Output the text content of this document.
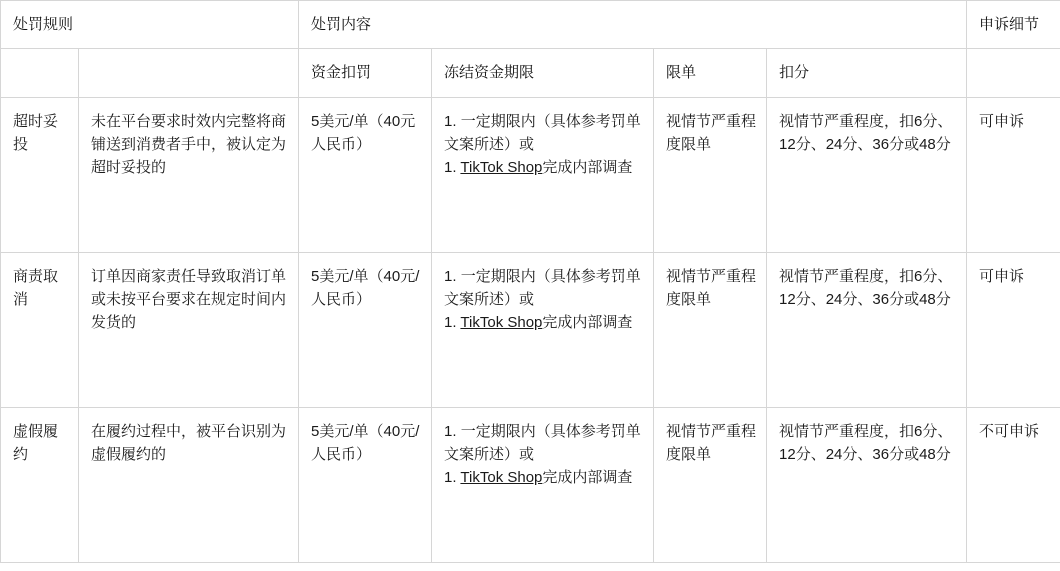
处罚规则		处罚内容				申诉细节
		资金扣罚	冻结资金期限	限单	扣分	
超时妥投	未在平台要求时效内完整将商铺送到消费者手中，被认定为超时妥投的	5美元/单（40元人民币）	1. 一定期限内（具体参考罚单文案所述）或
1. TikTok Shop完成内部调查	视情节严重程度限单	视情节严重程度，扣6分、12分、24分、36分或48分	可申诉
商责取消	订单因商家责任导致取消订单或未按平台要求在规定时间内发货的	5美元/单（40元/人民币）	1. 一定期限内（具体参考罚单文案所述）或
1. TikTok Shop完成内部调查	视情节严重程度限单	视情节严重程度，扣6分、12分、24分、36分或48分	可申诉
虚假履约	在履约过程中，被平台识别为虚假履约的	5美元/单（40元/人民币）	1. 一定期限内（具体参考罚单文案所述）或
1. TikTok Shop完成内部调查	视情节严重程度限单	视情节严重程度，扣6分、12分、24分、36分或48分	不可申诉
